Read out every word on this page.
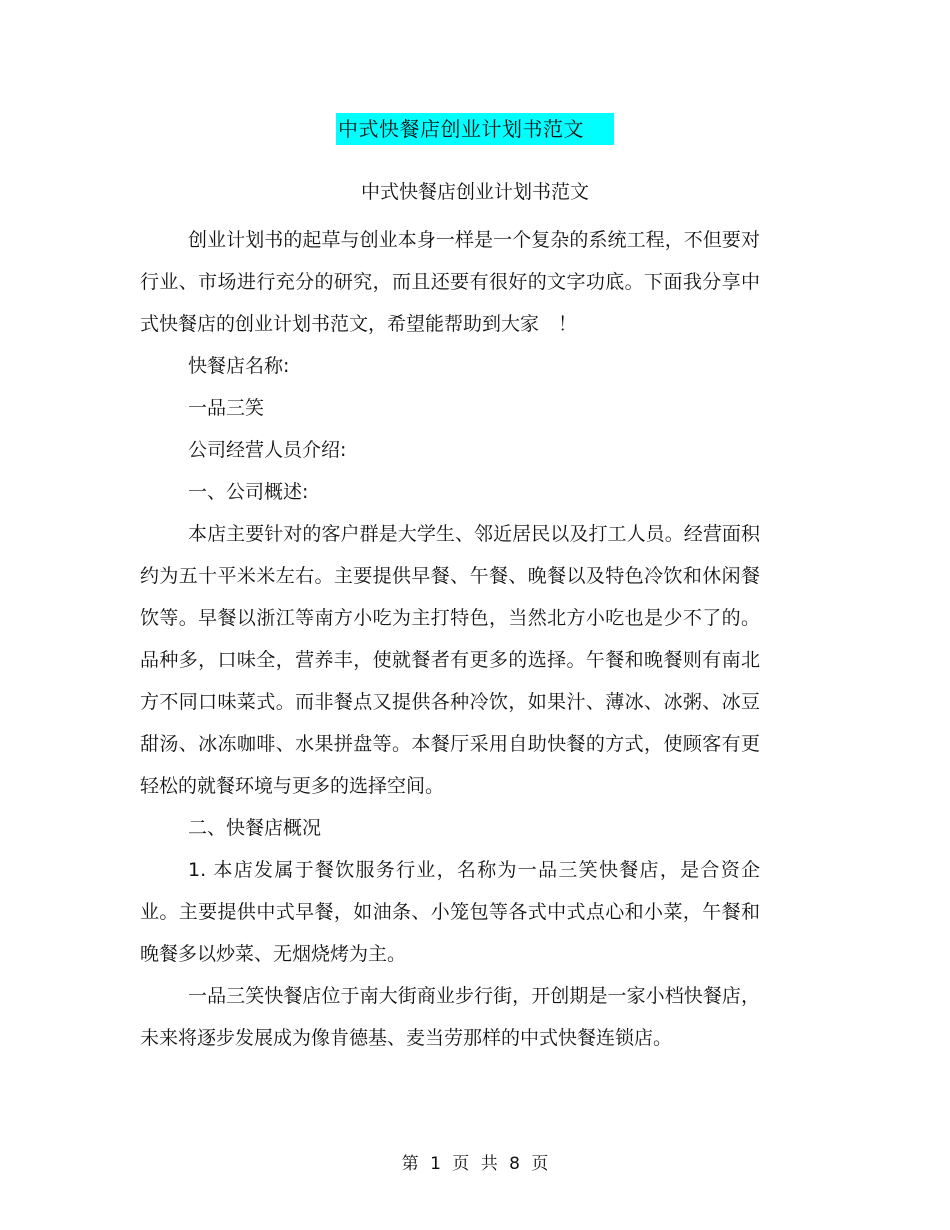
中式快餐店创业计划书范文
中式快餐店创业计划书范文

创业计划书的起草与创业本身一样是一个复杂的系统工程，不但要对行业、市场进行充分的研究，而且还要有很好的文字功底。下面我分享中式快餐店的创业计划书范文，希望能帮助到大家　！

快餐店名称:

一品三笑

公司经营人员介绍:

一、公司概述:

本店主要针对的客户群是大学生、邻近居民以及打工人员。经营面积约为五十平米米左右。主要提供早餐、午餐、晚餐以及特色冷饮和休闲餐饮等。早餐以浙江等南方小吃为主打特色，当然北方小吃也是少不了的。品种多，口味全，营养丰，使就餐者有更多的选择。午餐和晚餐则有南北方不同口味菜式。而非餐点又提供各种冷饮，如果汁、薄冰、冰粥、冰豆甜汤、冰冻咖啡、水果拼盘等。本餐厅采用自助快餐的方式，使顾客有更轻松的就餐环境与更多的选择空间。

二、快餐店概况

1. 本店发属于餐饮服务行业，名称为一品三笑快餐店，是合资企业。主要提供中式早餐，如油条、小笼包等各式中式点心和小菜，午餐和晚餐多以炒菜、无烟烧烤为主。

一品三笑快餐店位于南大街商业步行街，开创期是一家小档快餐店，未来将逐步发展成为像肯德基、麦当劳那样的中式快餐连锁店。

第 1 页 共 8 页
